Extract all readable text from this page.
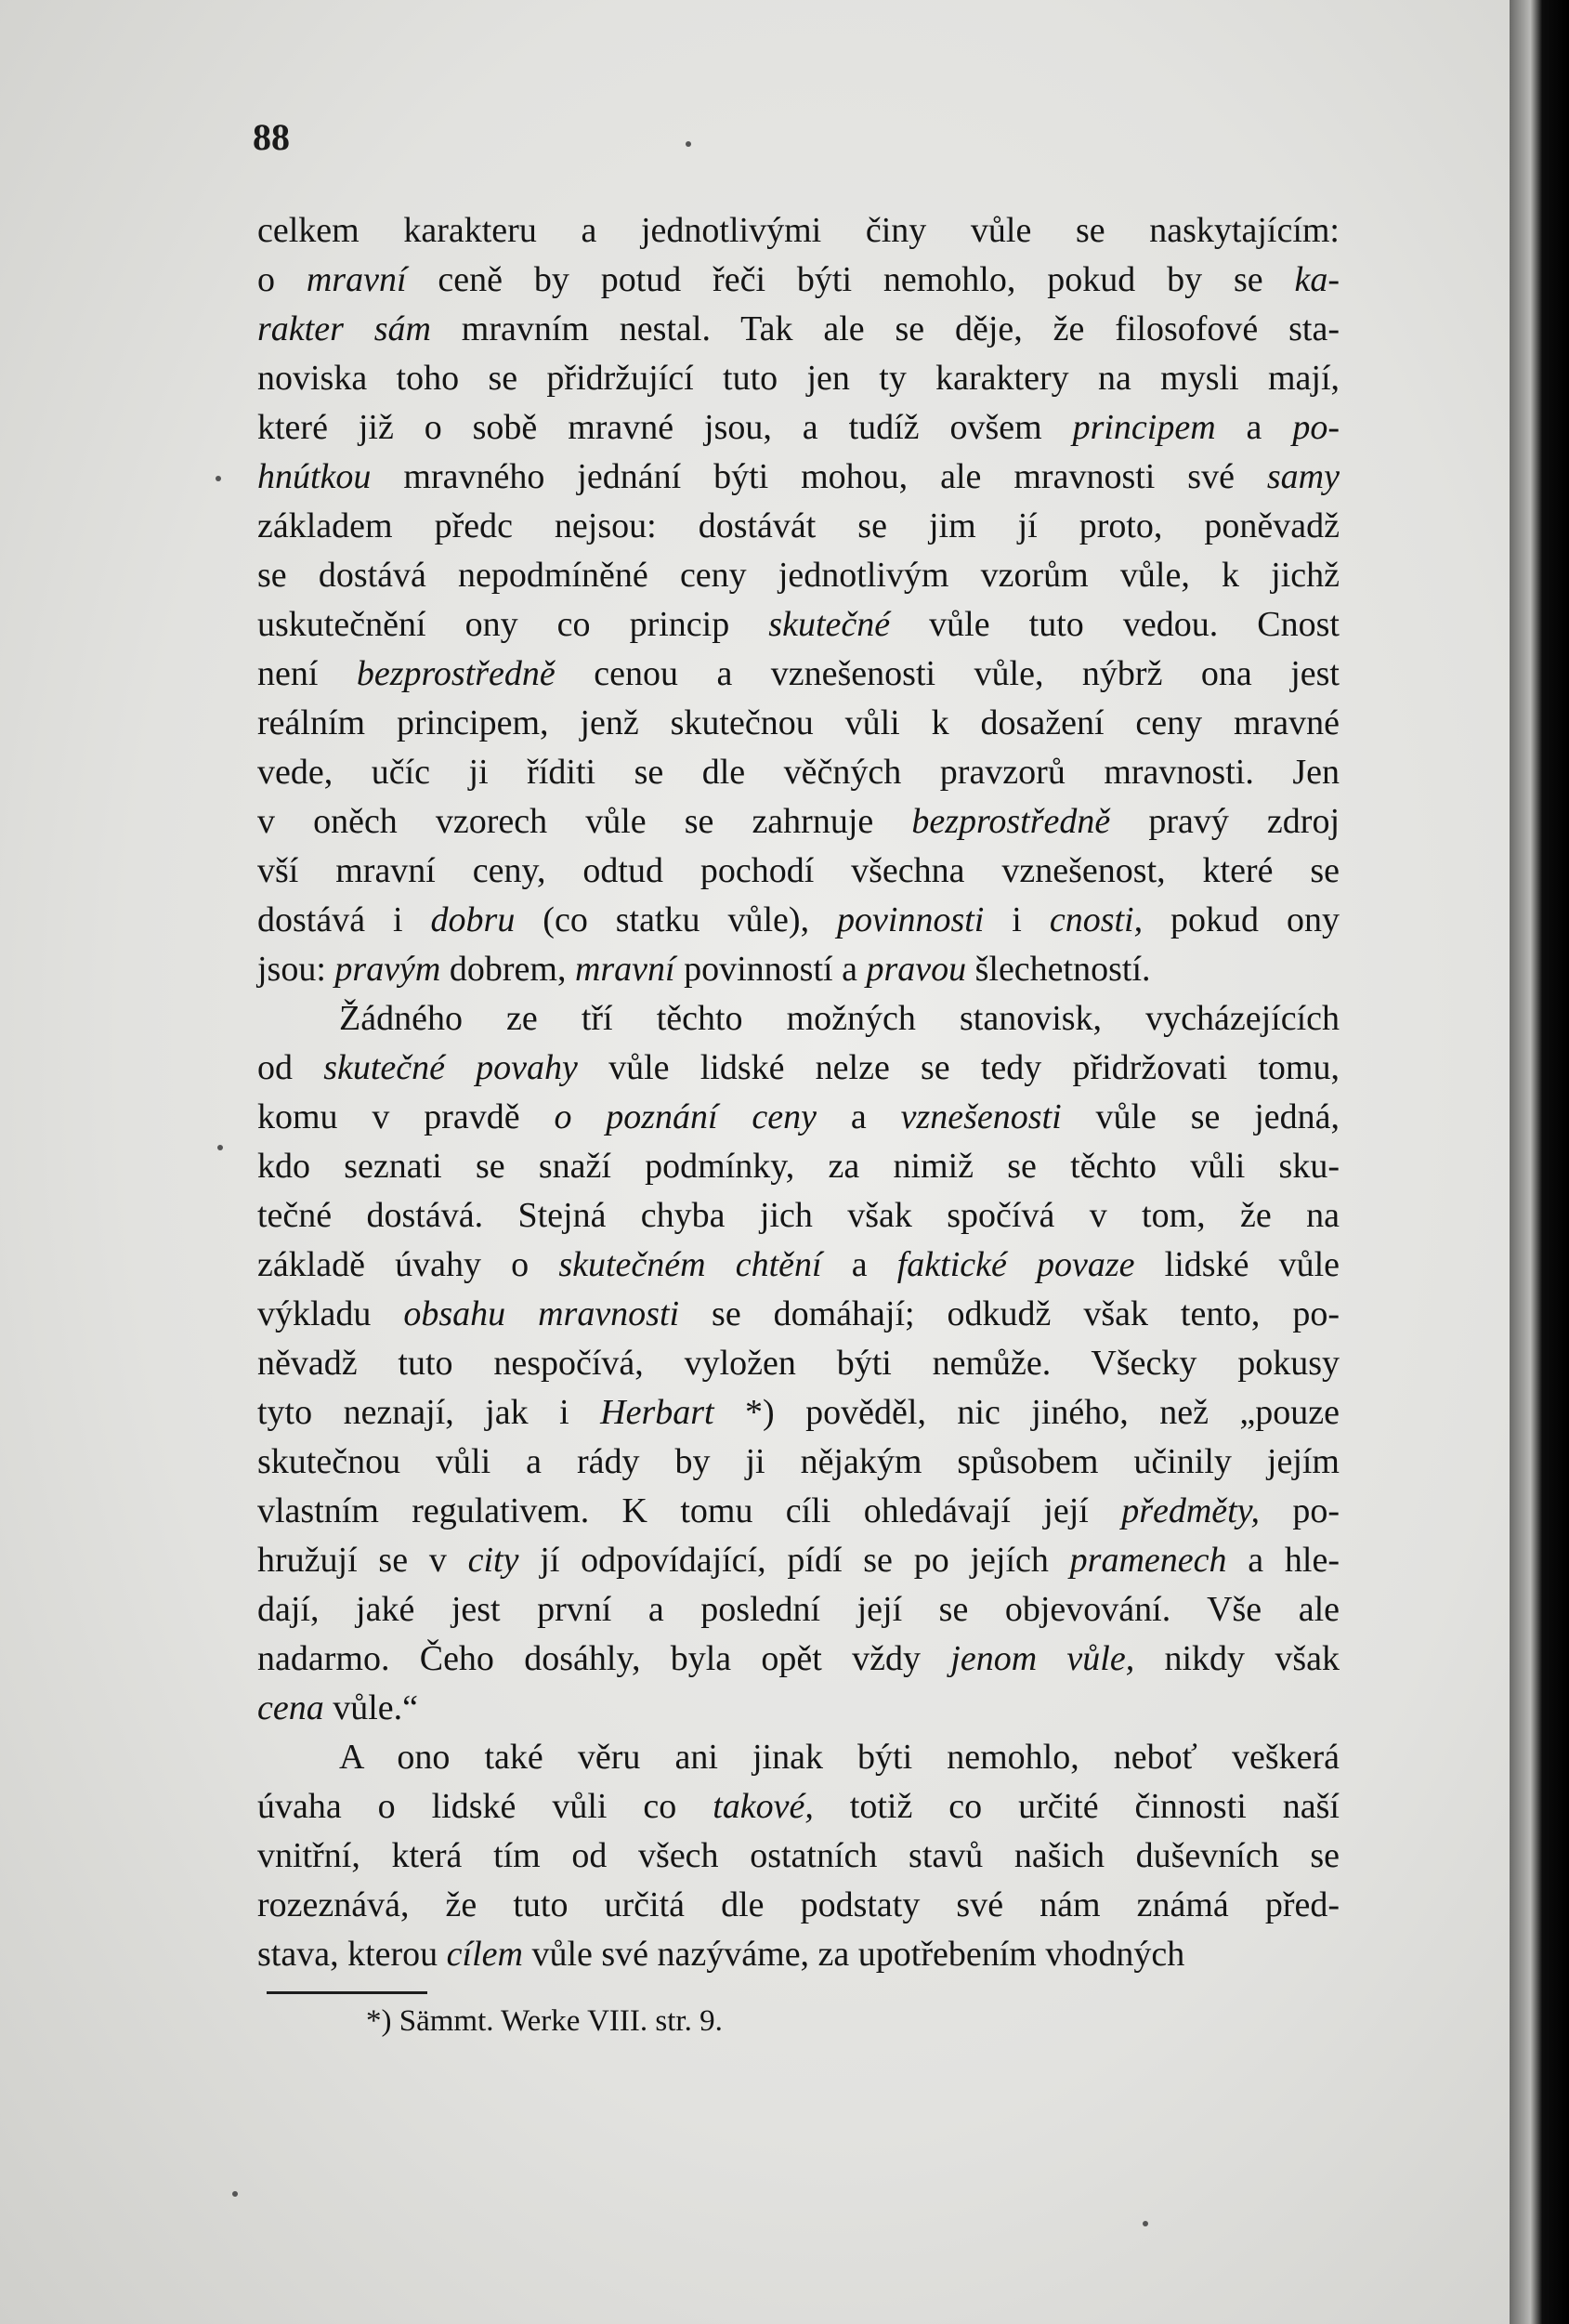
88
celkem karakteru a jednotlivými činy vůle se naskytajícím:
o mravní ceně by potud řeči býti nemohlo, pokud by se ka-
rakter sám mravním nestal. Tak ale se děje, že filosofové sta-
noviska toho se přidržující tuto jen ty karaktery na mysli mají,
které již o sobě mravné jsou, a tudíž ovšem principem a po-
hnútkou mravného jednání býti mohou, ale mravnosti své samy
základem předc nejsou: dostávát se jim jí proto, poněvadž
se dostává nepodmíněné ceny jednotlivým vzorům vůle, k jichž
uskutečnění ony co princip skutečné vůle tuto vedou. Cnost
není bezprostředně cenou a vznešenosti vůle, nýbrž ona jest
reálním principem, jenž skutečnou vůli k dosažení ceny mravné
vede, učíc ji říditi se dle věčných pravzorů mravnosti. Jen
v oněch vzorech vůle se zahrnuje bezprostředně pravý zdroj
vší mravní ceny, odtud pochodí všechna vznešenost, které se
dostává i dobru (co statku vůle), povinnosti i cnosti, pokud ony
jsou: pravým dobrem, mravní povinností a pravou šlechetností.
Žádného ze tří těchto možných stanovisk, vycházejících
od skutečné povahy vůle lidské nelze se tedy přidržovati tomu,
komu v pravdě o poznání ceny a vznešenosti vůle se jedná,
kdo seznati se snaží podmínky, za nimiž se těchto vůli sku-
tečné dostává. Stejná chyba jich však spočívá v tom, že na
základě úvahy o skutečném chtění a faktické povaze lidské vůle
výkladu obsahu mravnosti se domáhají; odkudž však tento, po-
něvadž tuto nespočívá, vyložen býti nemůže. Všecky pokusy
tyto neznají, jak i Herbart *) pověděl, nic jiného, než „pouze
skutečnou vůli a rády by ji nějakým spůsobem učinily jejím
vlastním regulativem. K tomu cíli ohledávají její předměty, po-
hružují se v city jí odpovídající, pídí se po jejích pramenech a hle-
dají, jaké jest první a poslední její se objevování. Vše ale
nadarmo. Čeho dosáhly, byla opět vždy jenom vůle, nikdy však
cena vůle.“
A ono také věru ani jinak býti nemohlo, neboť veškerá
úvaha o lidské vůli co takové, totiž co určité činnosti naší
vnitřní, která tím od všech ostatních stavů našich duševních se
rozeznává, že tuto určitá dle podstaty své nám známá před-
stava, kterou cílem vůle své nazýváme, za upotřebením vhodných
*) Sämmt. Werke VIII. str. 9.
